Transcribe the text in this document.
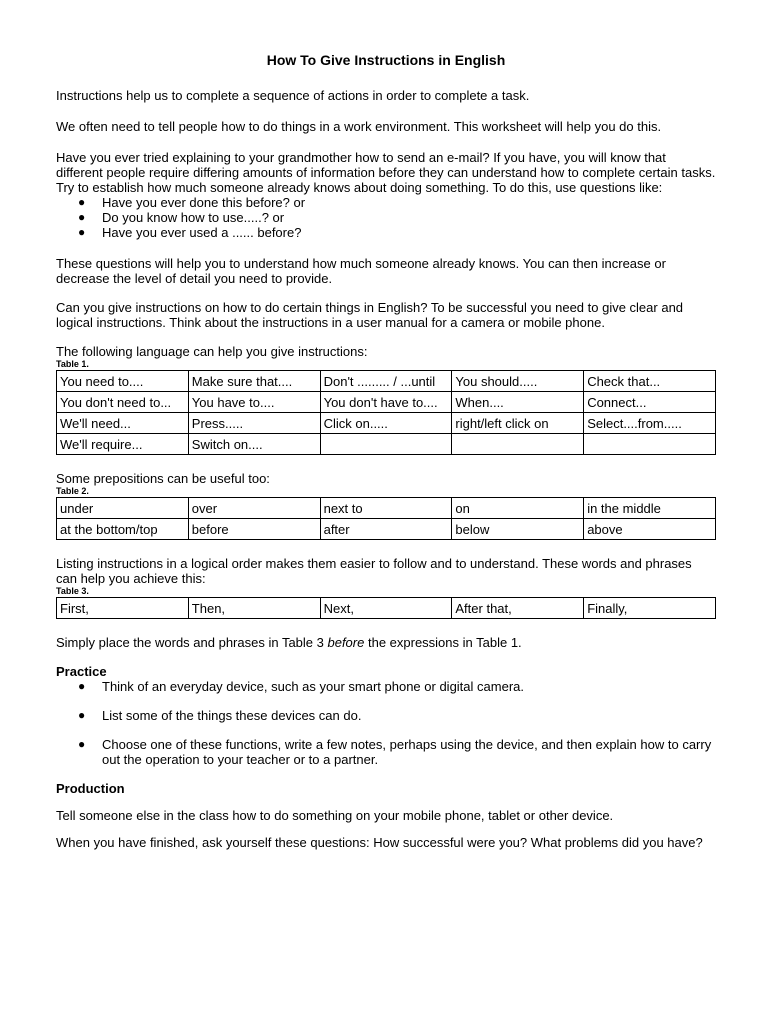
How To Give Instructions in English

Instructions help us to complete a sequence of actions in order to complete a task.

We often need to tell people how to do things in a work environment. This worksheet will help you do this.

Have you ever tried explaining to your grandmother how to send an e-mail? If you have, you will know that different people require differing amounts of information before they can understand how to complete certain tasks. Try to establish how much someone already knows about doing something. To do this, use questions like:

● Have you ever done this before? or
● Do you know how to use.....? or
● Have you ever used a ...... before?

These questions will help you to understand how much someone already knows. You can then increase or decrease the level of detail you need to provide.

Can you give instructions on how to do certain things in English? To be successful you need to give clear and logical instructions. Think about the instructions in a user manual for a camera or mobile phone.

The following language can help you give instructions:

Table 1.

You need to....	Make sure that....	Don't ......... / ...until	You should.....	Check that...
You don't need to...	You have to....	You don't have to....	When....	Connect...
We'll need...	Press.....	Click on.....	right/left click on	Select....from.....
We'll require...	Switch on....			

Some prepositions can be useful too:

Table 2.

under	over	next to	on	in the middle
at the bottom/top	before	after	below	above

Listing instructions in a logical order makes them easier to follow and to understand. These words and phrases can help you achieve this:

Table 3.

First,	Then,	Next,	After that,	Finally,

Simply place the words and phrases in Table 3 before the expressions in Table 1.

Practice

● Think of an everyday device, such as your smart phone or digital camera.
● List some of the things these devices can do.
● Choose one of these functions, write a few notes, perhaps using the device, and then explain how to carry out the operation to your teacher or to a partner.

Production

Tell someone else in the class how to do something on your mobile phone, tablet or other device.

When you have finished, ask yourself these questions: How successful were you? What problems did you have?
